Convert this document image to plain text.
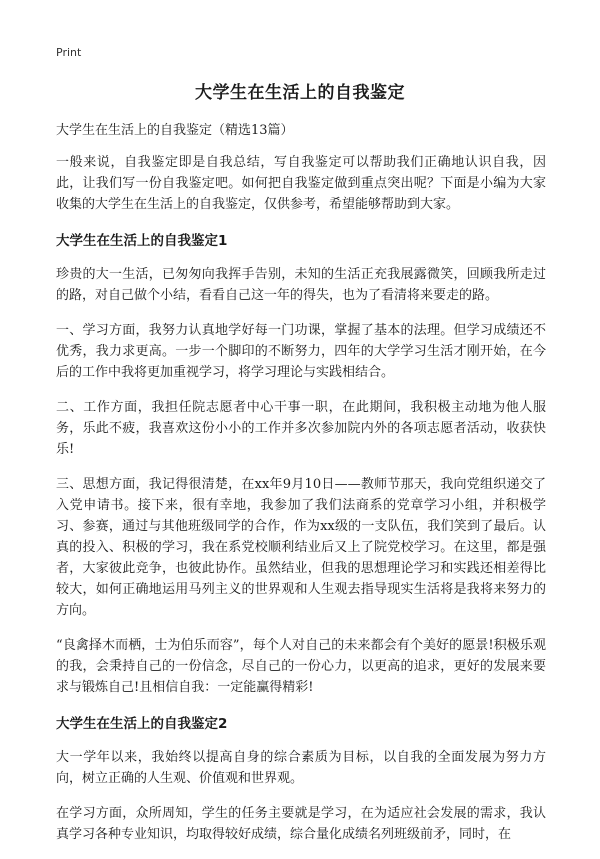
Print
大学生在生活上的自我鉴定
大学生在生活上的自我鉴定（精选13篇）

一般来说，自我鉴定即是自我总结，写自我鉴定可以帮助我们正确地认识自我，因此，让我们写一份自我鉴定吧。如何把自我鉴定做到重点突出呢？下面是小编为大家收集的大学生在生活上的自我鉴定，仅供参考，希望能够帮助到大家。

大学生在生活上的自我鉴定1

珍贵的大一生活，已匆匆向我挥手告别，未知的生活正充我展露微笑，回顾我所走过的路，对自己做个小结，看看自己这一年的得失，也为了看清将来要走的路。

一、学习方面，我努力认真地学好每一门功课，掌握了基本的法理。但学习成绩还不优秀，我力求更高。一步一个脚印的不断努力，四年的大学学习生活才刚开始，在今后的工作中我将更加重视学习，将学习理论与实践相结合。

二、工作方面，我担任院志愿者中心干事一职，在此期间，我积极主动地为他人服务，乐此不疲，我喜欢这份小小的工作并多次参加院内外的各项志愿者活动，收获快乐!

三、思想方面，我记得很清楚，在xx年9月10日——教师节那天，我向党组织递交了入党申请书。接下来，很有幸地，我参加了我们法商系的党章学习小组，并积极学习、参赛，通过与其他班级同学的合作，作为xx级的一支队伍，我们笑到了最后。认真的投入、积极的学习，我在系党校顺利结业后又上了院党校学习。在这里，都是强者，大家彼此竞争，也彼此协作。虽然结业，但我的思想理论学习和实践还相差得比较大，如何正确地运用马列主义的世界观和人生观去指导现实生活将是我将来努力的方向。

“良禽择木而栖，士为伯乐而容”，每个人对自己的未来都会有个美好的愿景!积极乐观的我，会秉持自己的一份信念，尽自己的一份心力，以更高的追求，更好的发展来要求与锻炼自己!且相信自我：一定能赢得精彩!

大学生在生活上的自我鉴定2

大一学年以来，我始终以提高自身的综合素质为目标，以自我的全面发展为努力方向，树立正确的人生观、价值观和世界观。

在学习方面，众所周知，学生的任务主要就是学习，在为适应社会发展的需求，我认真学习各种专业知识，均取得较好成绩，综合量化成绩名列班级前矛，同时，在
